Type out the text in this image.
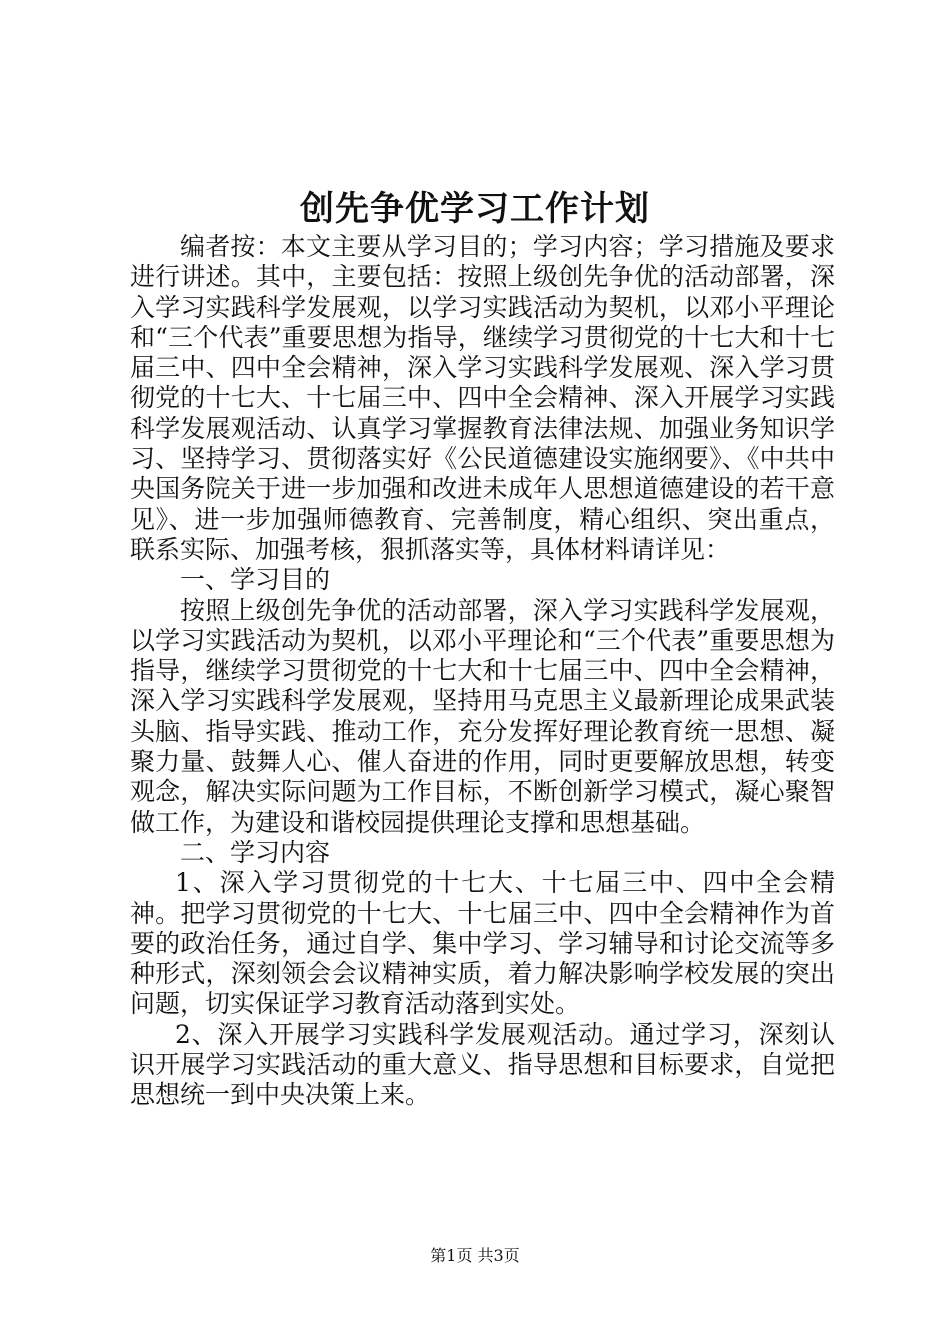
创先争优学习工作计划

编者按：本文主要从学习目的；学习内容；学习措施及要求进行讲述。其中，主要包括：按照上级创先争优的活动部署，深入学习实践科学发展观，以学习实践活动为契机，以邓小平理论和“三个代表”重要思想为指导，继续学习贯彻党的十七大和十七届三中、四中全会精神，深入学习实践科学发展观、深入学习贯彻党的十七大、十七届三中、四中全会精神、深入开展学习实践科学发展观活动、认真学习掌握教育法律法规、加强业务知识学习、坚持学习、贯彻落实好《公民道德建设实施纲要》、《中共中央国务院关于进一步加强和改进未成年人思想道德建设的若干意见》、进一步加强师德教育、完善制度，精心组织、突出重点，联系实际、加强考核，狠抓落实等，具体材料请详见：

一、学习目的

按照上级创先争优的活动部署，深入学习实践科学发展观，以学习实践活动为契机，以邓小平理论和“三个代表”重要思想为指导，继续学习贯彻党的十七大和十七届三中、四中全会精神，深入学习实践科学发展观，坚持用马克思主义最新理论成果武装头脑、指导实践、推动工作，充分发挥好理论教育统一思想、凝聚力量、鼓舞人心、催人奋进的作用，同时更要解放思想，转变观念，解决实际问题为工作目标，不断创新学习模式，凝心聚智做工作，为建设和谐校园提供理论支撑和思想基础。

二、学习内容

1、深入学习贯彻党的十七大、十七届三中、四中全会精神。把学习贯彻党的十七大、十七届三中、四中全会精神作为首要的政治任务，通过自学、集中学习、学习辅导和讨论交流等多种形式，深刻领会会议精神实质，着力解决影响学校发展的突出问题，切实保证学习教育活动落到实处。

2、深入开展学习实践科学发展观活动。通过学习，深刻认识开展学习实践活动的重大意义、指导思想和目标要求，自觉把思想统一到中央决策上来。

第1页 共3页
